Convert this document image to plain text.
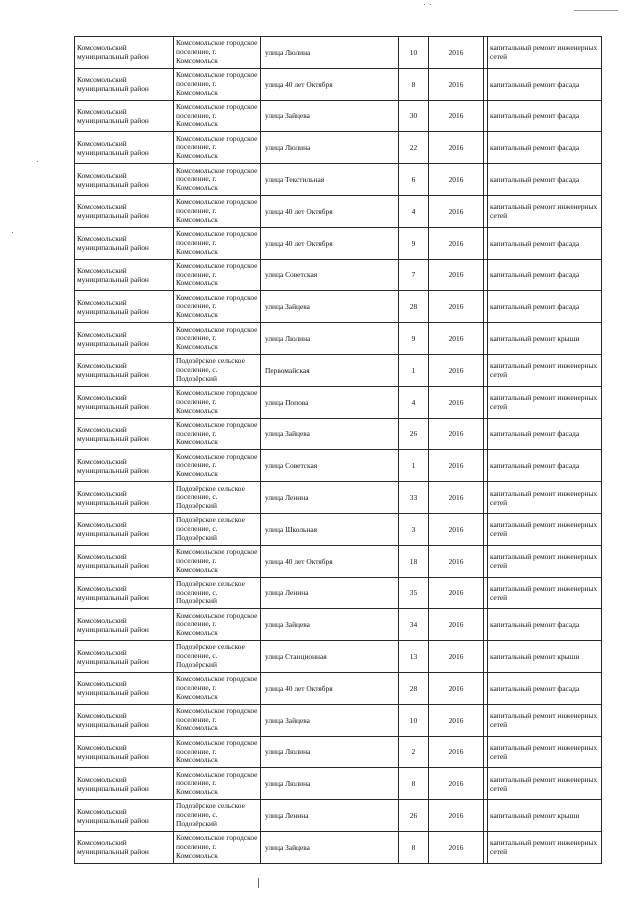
Комсомольский муниципальный район	Комсомольское городское поселение, г. Комсомольск	улица Люлина	10	2016		капитальный ремонт инженерных сетей
Комсомольский муниципальный район	Комсомольское городское поселение, г. Комсомольск	улица 40 лет Октября	8	2016		капитальный ремонт фасада
Комсомольский муниципальный район	Комсомольское городское поселение, г. Комсомольск	улица Зайцева	30	2016		капитальный ремонт фасада
Комсомольский муниципальный район	Комсомольское городское поселение, г. Комсомольск	улица Люлина	22	2016		капитальный ремонт фасада
Комсомольский муниципальный район	Комсомольское городское поселение, г. Комсомольск	улица Текстильная	6	2016		капитальный ремонт фасада
Комсомольский муниципальный район	Комсомольское городское поселение, г. Комсомольск	улица 40 лет Октября	4	2016		капитальный ремонт инженерных сетей
Комсомольский муниципальный район	Комсомольское городское поселение, г. Комсомольск	улица 40 лет Октября	9	2016		капитальный ремонт фасада
Комсомольский муниципальный район	Комсомольское городское поселение, г. Комсомольск	улица Советская	7	2016		капитальный ремонт фасада
Комсомольский муниципальный район	Комсомольское городское поселение, г. Комсомольск	улица Зайцева	28	2016		капитальный ремонт фасада
Комсомольский муниципальный район	Комсомольское городское поселение, г. Комсомольск	улица Люлина	9	2016		капитальный ремонт крыши
Комсомольский муниципальный район	Подозёрское сельское поселение, с. Подозёрский	Первомайская	1	2016		капитальный ремонт инженерных сетей
Комсомольский муниципальный район	Комсомольское городское поселение, г. Комсомольск	улица Попова	4	2016		капитальный ремонт инженерных сетей
Комсомольский муниципальный район	Комсомольское городское поселение, г. Комсомольск	улица Зайцева	26	2016		капитальный ремонт фасада
Комсомольский муниципальный район	Комсомольское городское поселение, г. Комсомольск	улица Советская	1	2016		капитальный ремонт фасада
Комсомольский муниципальный район	Подозёрское сельское поселение, с. Подозёрский	улица Ленина	33	2016		капитальный ремонт инженерных сетей
Комсомольский муниципальный район	Подозёрское сельское поселение, с. Подозёрский	улица Школьная	3	2016		капитальный ремонт инженерных сетей
Комсомольский муниципальный район	Комсомольское городское поселение, г. Комсомольск	улица 40 лет Октября	18	2016		капитальный ремонт инженерных сетей
Комсомольский муниципальный район	Подозёрское сельское поселение, с. Подозёрский	улица Ленина	35	2016		капитальный ремонт инженерных сетей
Комсомольский муниципальный район	Комсомольское городское поселение, г. Комсомольск	улица Зайцева	34	2016		капитальный ремонт фасада
Комсомольский муниципальный район	Подозёрское сельское поселение, с. Подозёрский	улица Станционная	13	2016		капитальный ремонт крыши
Комсомольский муниципальный район	Комсомольское городское поселение, г. Комсомольск	улица 40 лет Октября	28	2016		капитальный ремонт фасада
Комсомольский муниципальный район	Комсомольское городское поселение, г. Комсомольск	улица Зайцева	10	2016		капитальный ремонт инженерных сетей
Комсомольский муниципальный район	Комсомольское городское поселение, г. Комсомольск	улица Люлина	2	2016		капитальный ремонт инженерных сетей
Комсомольский муниципальный район	Комсомольское городское поселение, г. Комсомольск	улица Люлина	8	2016		капитальный ремонт инженерных сетей
Комсомольский муниципальный район	Подозёрское сельское поселение, с. Подозёрский	улица Ленина	26	2016		капитальный ремонт крыши
Комсомольский муниципальный район	Комсомольское городское поселение, г. Комсомольск	улица Зайцева	8	2016		капитальный ремонт инженерных сетей
